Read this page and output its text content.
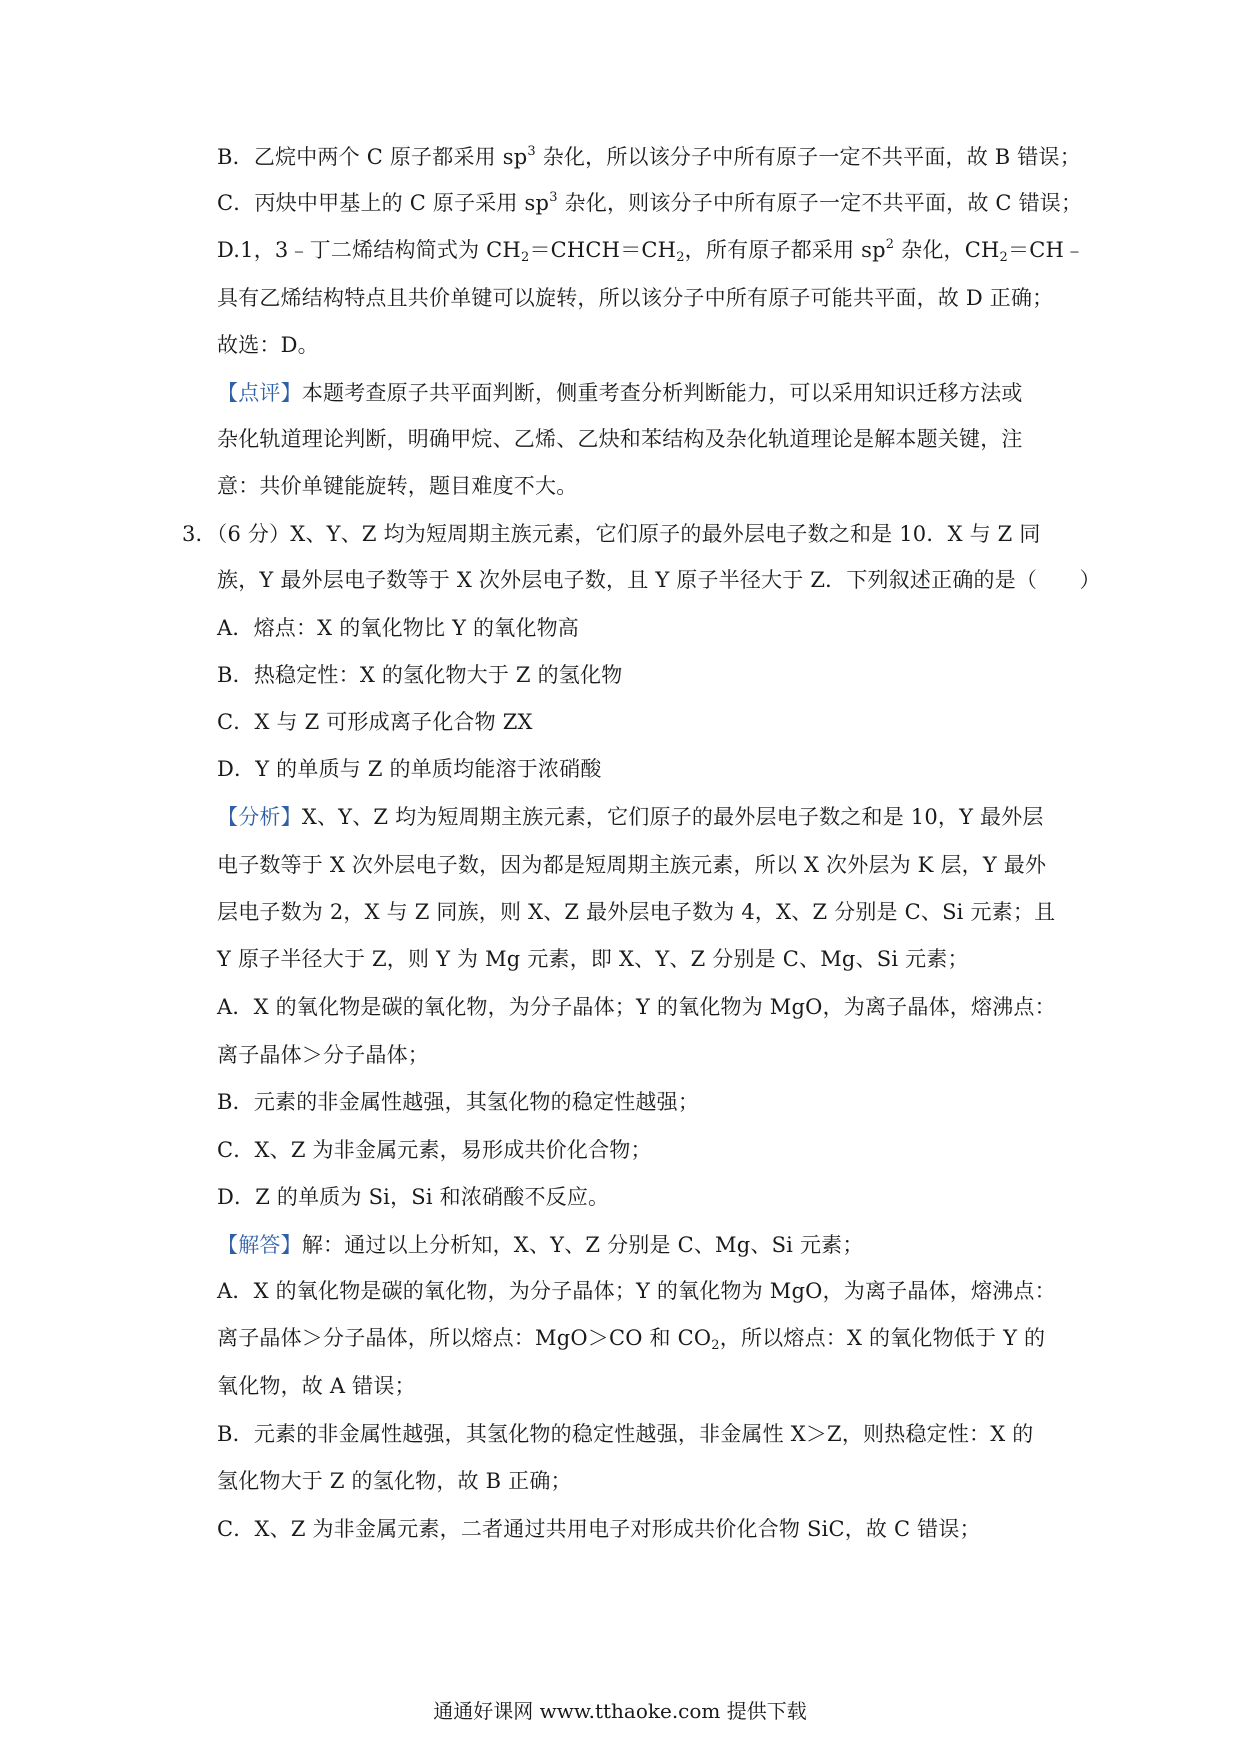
B．乙烷中两个 C 原子都采用 $sp^3$ 杂化，所以该分子中所有原子一定不共平面，故 B 错误；
C．丙炔中甲基上的 C 原子采用 $sp^3$ 杂化，则该分子中所有原子一定不共平面，故 C 错误；
D.1，3﹣丁二烯结构简式为 $CH_2=CHCH=CH_2$，所有原子都采用 $sp^2$ 杂化，$CH_2=CH﹣$
具有乙烯结构特点且共价单键可以旋转，所以该分子中所有原子可能共平面，故 D 正确；
故选：D。
【点评】本题考查原子共平面判断，侧重考查分析判断能力，可以采用知识迁移方法或
杂化轨道理论判断，明确甲烷、乙烯、乙炔和苯结构及杂化轨道理论是解本题关键，注
意：共价单键能旋转，题目难度不大。
3．（6 分）X、Y、Z 均为短周期主族元素，它们原子的最外层电子数之和是 10．X 与 Z 同
族，Y 最外层电子数等于 X 次外层电子数，且 Y 原子半径大于 Z．下列叙述正确的是（　　）
A．熔点：X 的氧化物比 Y 的氧化物高
B．热稳定性：X 的氢化物大于 Z 的氢化物
C．X 与 Z 可形成离子化合物 ZX
D．Y 的单质与 Z 的单质均能溶于浓硝酸
【分析】X、Y、Z 均为短周期主族元素，它们原子的最外层电子数之和是 10，Y 最外层
电子数等于 X 次外层电子数，因为都是短周期主族元素，所以 X 次外层为 K 层，Y 最外
层电子数为 2，X 与 Z 同族，则 X、Z 最外层电子数为 4，X、Z 分别是 C、Si 元素；且
Y 原子半径大于 Z，则 Y 为 Mg 元素，即 X、Y、Z 分别是 C、Mg、Si 元素；
A．X 的氧化物是碳的氧化物，为分子晶体；Y 的氧化物为 MgO，为离子晶体，熔沸点：
离子晶体＞分子晶体；
B．元素的非金属性越强，其氢化物的稳定性越强；
C．X、Z 为非金属元素，易形成共价化合物；
D．Z 的单质为 Si，Si 和浓硝酸不反应。
【解答】解：通过以上分析知，X、Y、Z 分别是 C、Mg、Si 元素；
A．X 的氧化物是碳的氧化物，为分子晶体；Y 的氧化物为 MgO，为离子晶体，熔沸点：
离子晶体＞分子晶体，所以熔点：MgO＞CO 和 $CO_2$，所以熔点：X 的氧化物低于 Y 的
氧化物，故 A 错误；
B．元素的非金属性越强，其氢化物的稳定性越强，非金属性 X＞Z，则热稳定性：X 的
氢化物大于 Z 的氢化物，故 B 正确；
C．X、Z 为非金属元素，二者通过共用电子对形成共价化合物 SiC，故 C 错误；
通通好课网 www.tthaoke.com 提供下载
